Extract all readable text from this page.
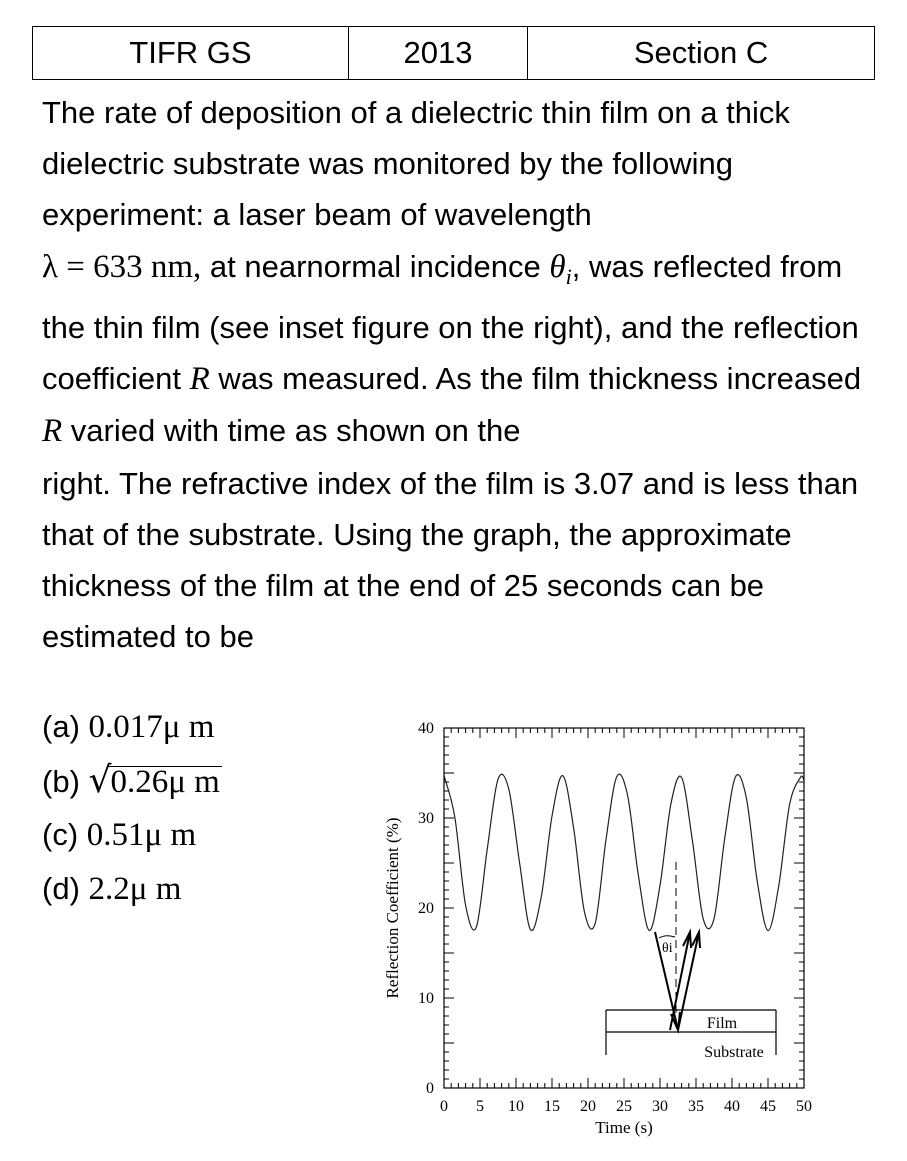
TIFR GS	2013	Section C

The rate of deposition of a dielectric thin film on a thick dielectric substrate was monitored by the following experiment: a laser beam of wavelength
λ = 633 nm, at nearnormal incidence $\theta_i$, was reflected from the thin film (see inset figure on the right), and the reflection coefficient R was measured. As the film thickness increased R varied with time as shown on the

right. The refractive index of the film is 3.07 and is less than that of the substrate. Using the graph, the approximate thickness of the film at the end of 25 seconds can be estimated to be

(a) 0.017μ m
(b) √0.26μ m
(c) 0.51μ m
(d) 2.2μ m
0 5 10 15 20 25 30 35 40 45 50
0
10
20
30
40
Time (s)
Reflection Coefficient (%)
Film
Substrate
θi
